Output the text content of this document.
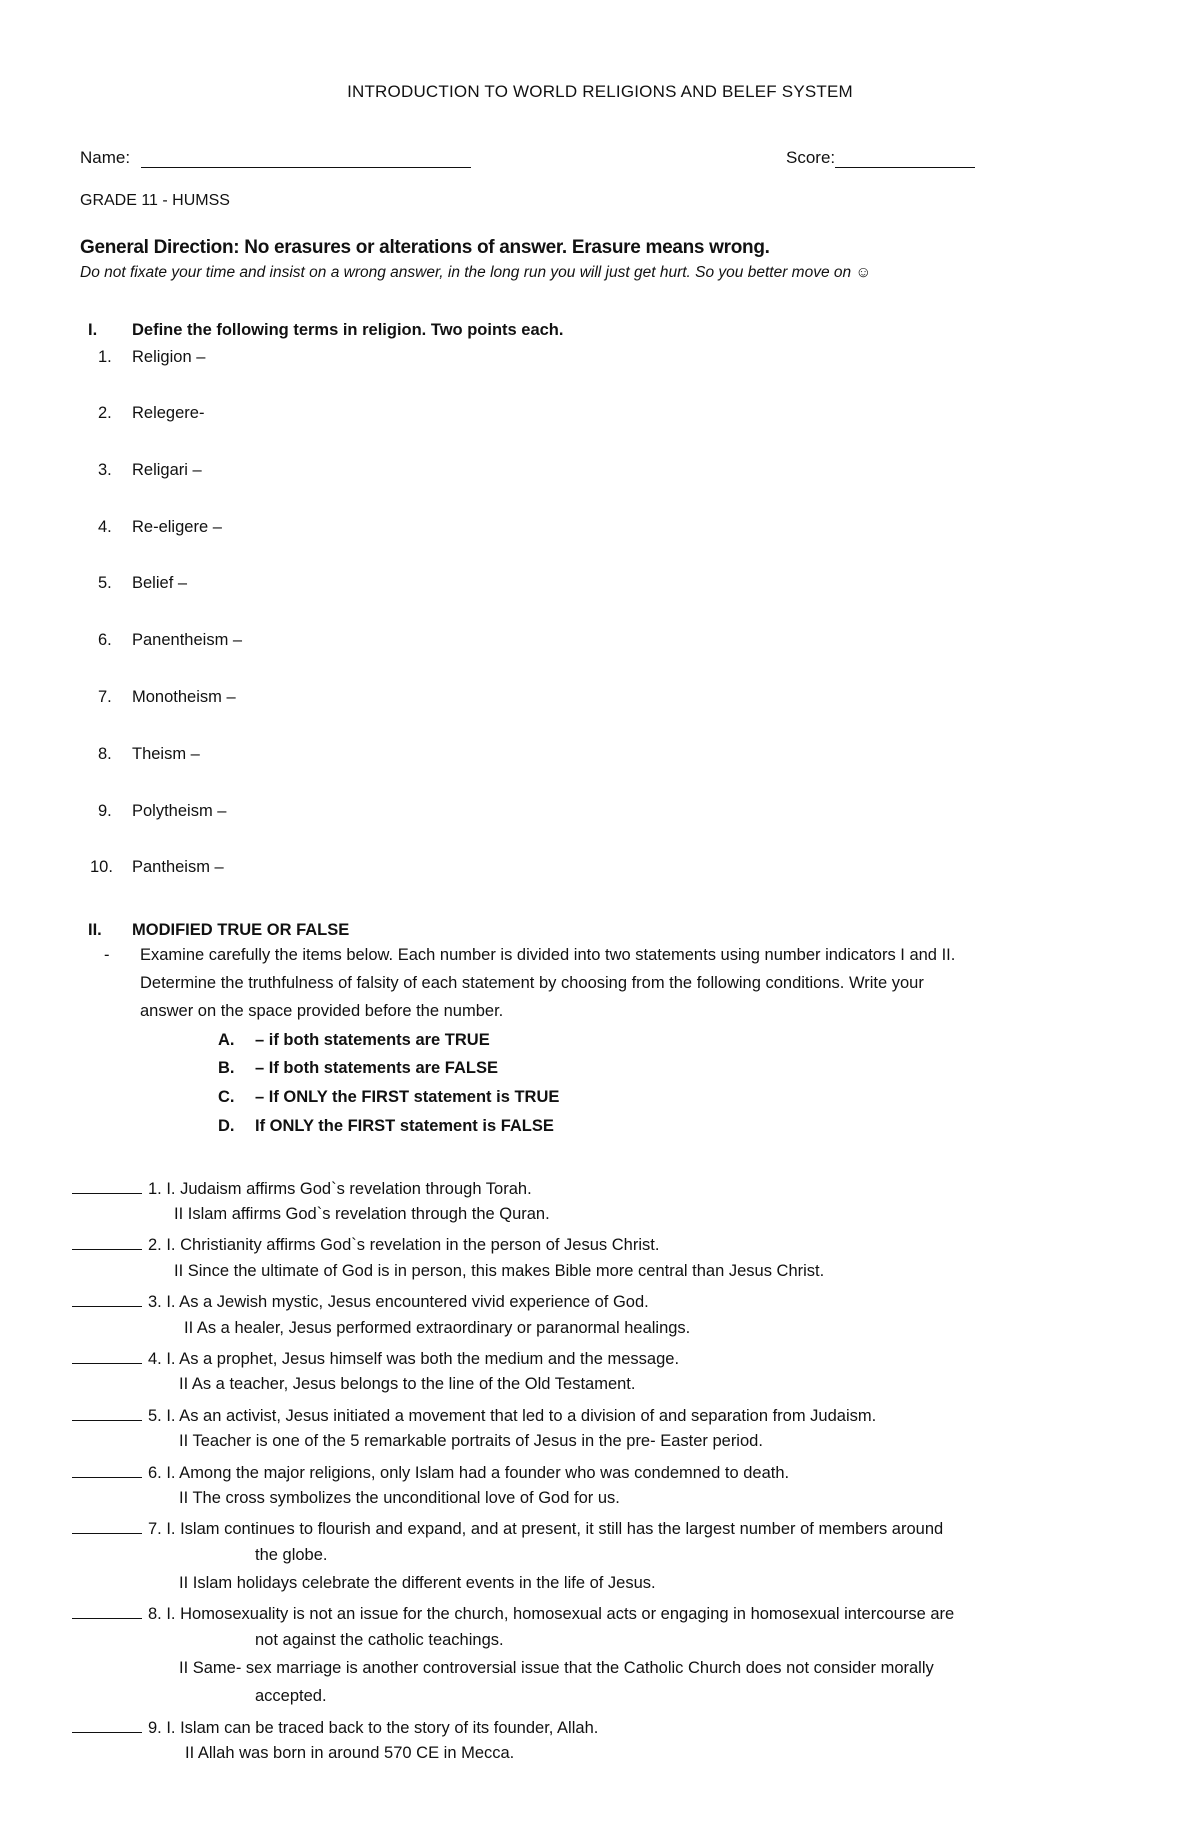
INTRODUCTION TO WORLD RELIGIONS AND BELEF SYSTEM
Name:	Score:
GRADE 11 - HUMSS
General Direction: No erasures or alterations of answer. Erasure means wrong.
Do not fixate your time and insist on a wrong answer, in the long run you will just get hurt. So you better move on ☺
I. Define the following terms in religion. Two points each.
1. Religion –
2. Relegere-
3. Religari –
4. Re-eligere –
5. Belief –
6. Panentheism –
7. Monotheism –
8. Theism –
9. Polytheism –
10. Pantheism –
II. MODIFIED TRUE OR FALSE
- Examine carefully the items below. Each number is divided into two statements using number indicators I and II.
Determine the truthfulness of falsity of each statement by choosing from the following conditions. Write your
answer on the space provided before the number.
A. – if both statements are TRUE
B. – If both statements are FALSE
C. – If ONLY the FIRST statement is TRUE
D. If ONLY the FIRST statement is FALSE
1. I. Judaism affirms God`s revelation through Torah.
II Islam affirms God`s revelation through the Quran.
2. I. Christianity affirms God`s revelation in the person of Jesus Christ.
II Since the ultimate of God is in person, this makes Bible more central than Jesus Christ.
3. I. As a Jewish mystic, Jesus encountered vivid experience of God.
II As a healer, Jesus performed extraordinary or paranormal healings.
4. I. As a prophet, Jesus himself was both the medium and the message.
II As a teacher, Jesus belongs to the line of the Old Testament.
5. I. As an activist, Jesus initiated a movement that led to a division of and separation from Judaism.
II Teacher is one of the 5 remarkable portraits of Jesus in the pre- Easter period.
6. I. Among the major religions, only Islam had a founder who was condemned to death.
II The cross symbolizes the unconditional love of God for us.
7. I. Islam continues to flourish and expand, and at present, it still has the largest number of members around
the globe.
II Islam holidays celebrate the different events in the life of Jesus.
8. I. Homosexuality is not an issue for the church, homosexual acts or engaging in homosexual intercourse are
not against the catholic teachings.
II Same- sex marriage is another controversial issue that the Catholic Church does not consider morally
accepted.
9. I. Islam can be traced back to the story of its founder, Allah.
II Allah was born in around 570 CE in Mecca.
